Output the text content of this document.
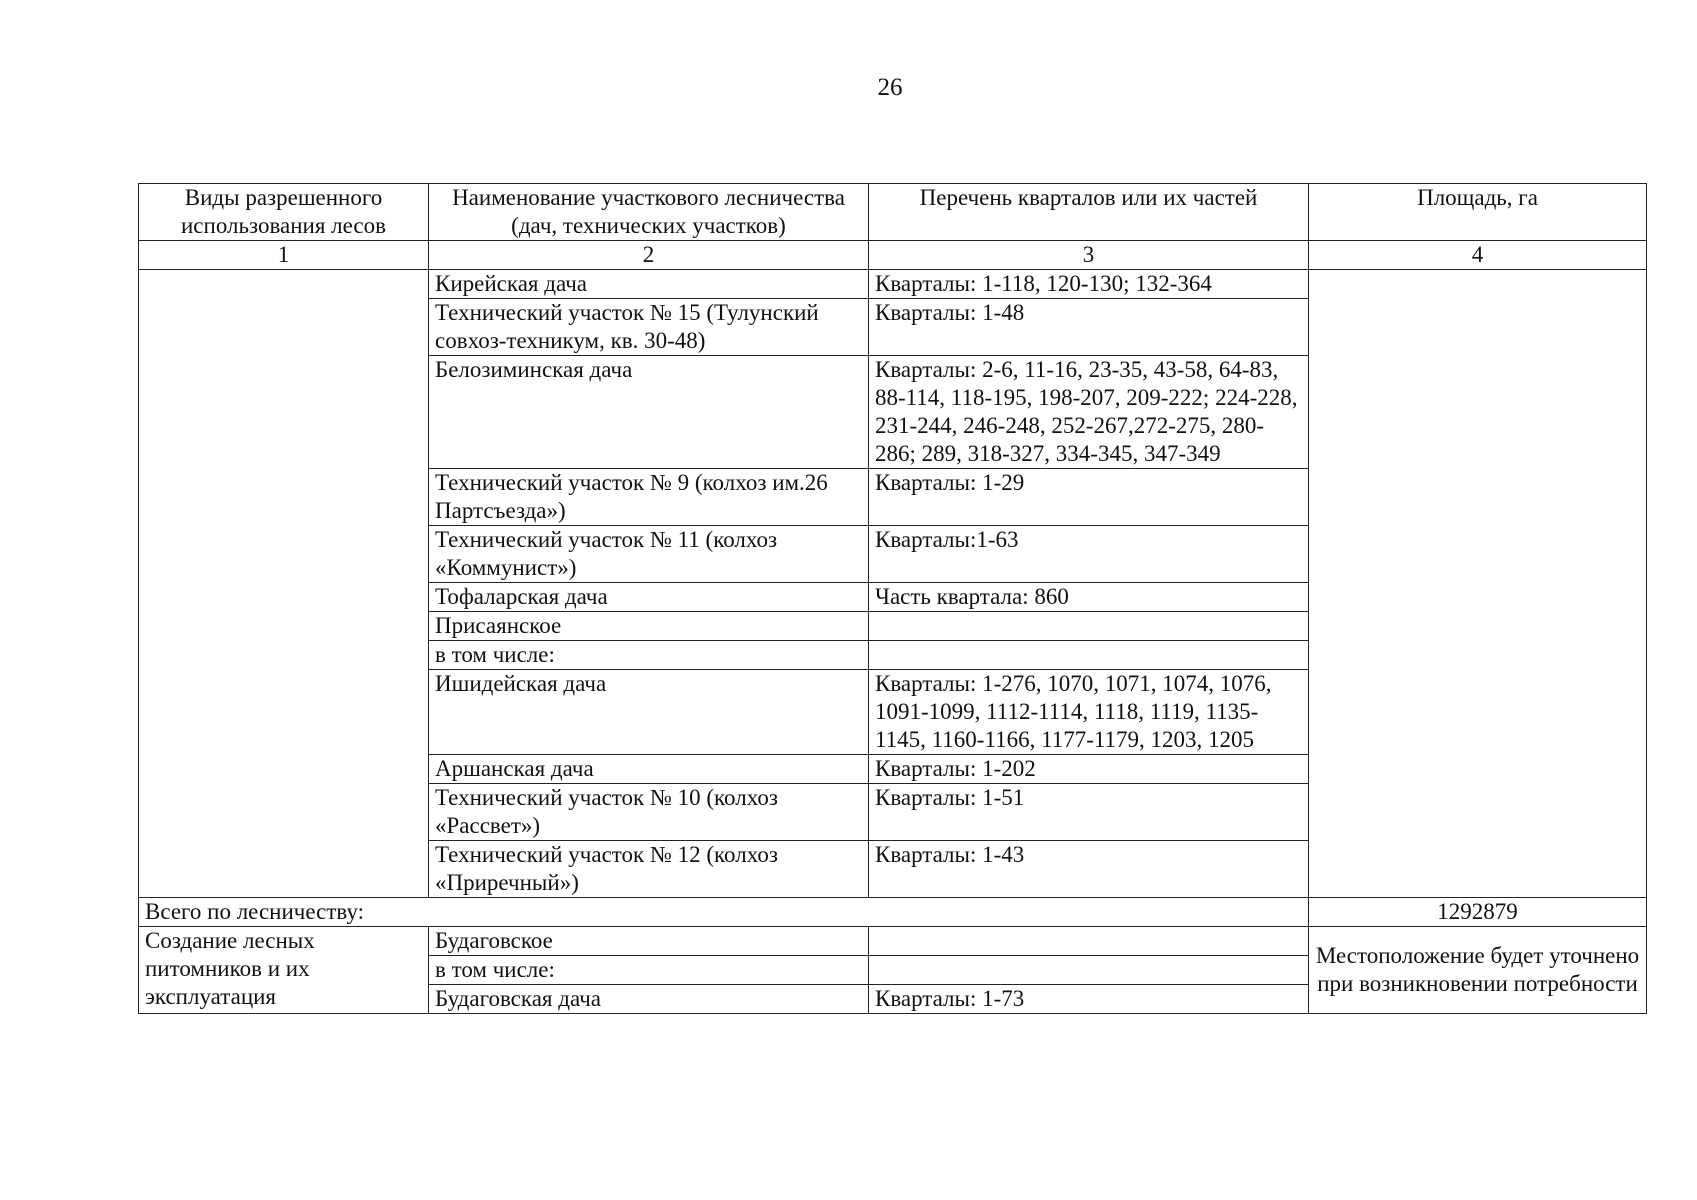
26
Виды разрешенного использования лесов	Наименование участкового лесничества (дач, технических участков)	Перечень кварталов или их частей	Площадь, га
1	2	3	4
	Кирейская дача	Кварталы: 1-118, 120-130; 132-364	
	Технический участок № 15 (Тулунский совхоз-техникум, кв. 30-48)	Кварталы: 1-48	
	Белозиминская дача	Кварталы: 2-6, 11-16, 23-35, 43-58, 64-83, 88-114, 118-195, 198-207, 209-222; 224-228, 231-244, 246-248, 252-267,272-275, 280-286; 289, 318-327, 334-345, 347-349	
	Технический участок № 9 (колхоз им.26 Партсъезда»)	Кварталы: 1-29	
	Технический участок № 11 (колхоз «Коммунист»)	Кварталы:1-63	
	Тофаларская дача	Часть квартала: 860	
	Присаянское		
	в том числе:		
	Ишидейская дача	Кварталы: 1-276, 1070, 1071, 1074, 1076, 1091-1099, 1112-1114, 1118, 1119, 1135-1145, 1160-1166, 1177-1179, 1203, 1205	
	Аршанская дача	Кварталы: 1-202	
	Технический участок № 10 (колхоз «Рассвет»)	Кварталы: 1-51	
	Технический участок № 12 (колхоз «Приречный»)	Кварталы: 1-43	
Всего по лесничеству:			1292879
Создание лесных питомников и их эксплуатация	Будаговское		Местоположение будет уточнено при возникновении потребности
	в том числе:		
	Будаговская дача	Кварталы: 1-73	
